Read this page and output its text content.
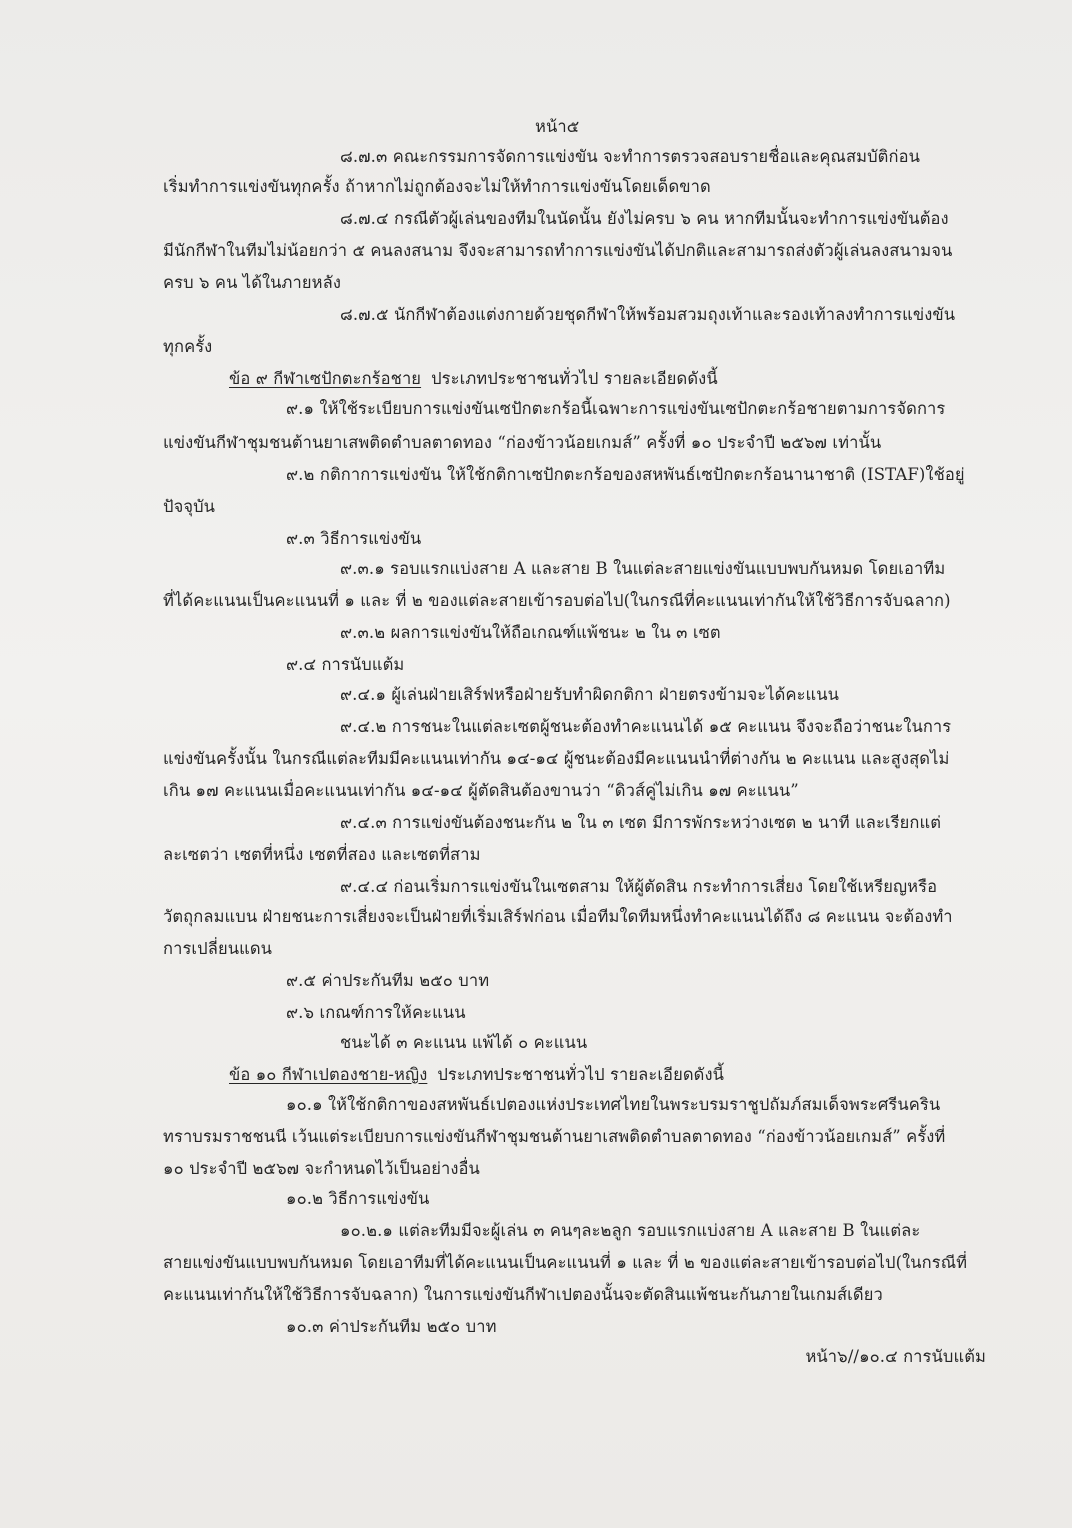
หน้า๕
๘.๗.๓ คณะกรรมการจัดการแข่งขัน จะทำการตรวจสอบรายชื่อและคุณสมบัติก่อน
เริ่มทำการแข่งขันทุกครั้ง ถ้าหากไม่ถูกต้องจะไม่ให้ทำการแข่งขันโดยเด็ดขาด
๘.๗.๔ กรณีตัวผู้เล่นของทีมในนัดนั้น ยังไม่ครบ ๖ คน หากทีมนั้นจะทำการแข่งขันต้อง
มีนักกีฬาในทีมไม่น้อยกว่า ๕ คนลงสนาม จึงจะสามารถทำการแข่งขันได้ปกติและสามารถส่งตัวผู้เล่นลงสนามจน
ครบ ๖ คน ได้ในภายหลัง
๘.๗.๕ นักกีฬาต้องแต่งกายด้วยชุดกีฬาให้พร้อมสวมถุงเท้าและรองเท้าลงทำการแข่งขัน
ทุกครั้ง
ข้อ ๙ กีฬาเซปักตะกร้อชาย ประเภทประชาชนทั่วไป รายละเอียดดังนี้
๙.๑ ให้ใช้ระเบียบการแข่งขันเซปักตะกร้อนี้เฉพาะการแข่งขันเซปักตะกร้อชายตามการจัดการ
แข่งขันกีฬาชุมชนต้านยาเสพติดตำบลตาดทอง “ก่องข้าวน้อยเกมส์” ครั้งที่ ๑๐ ประจำปี ๒๕๖๗ เท่านั้น
๙.๒ กติกาการแข่งขัน ให้ใช้กติกาเซปักตะกร้อของสหพันธ์เซปักตะกร้อนานาชาติ (ISTAF)ใช้อยู่
ปัจจุบัน
๙.๓ วิธีการแข่งขัน
๙.๓.๑ รอบแรกแบ่งสาย A และสาย B ในแต่ละสายแข่งขันแบบพบกันหมด โดยเอาทีม
ที่ได้คะแนนเป็นคะแนนที่ ๑ และ ที่ ๒ ของแต่ละสายเข้ารอบต่อไป(ในกรณีที่คะแนนเท่ากันให้ใช้วิธีการจับฉลาก)
๙.๓.๒ ผลการแข่งขันให้ถือเกณฑ์แพ้ชนะ ๒ ใน ๓ เซต
๙.๔ การนับแต้ม
๙.๔.๑ ผู้เล่นฝ่ายเสิร์ฟหรือฝ่ายรับทำผิดกติกา ฝ่ายตรงข้ามจะได้คะแนน
๙.๔.๒ การชนะในแต่ละเซตผู้ชนะต้องทำคะแนนได้ ๑๕ คะแนน จึงจะถือว่าชนะในการ
แข่งขันครั้งนั้น ในกรณีแต่ละทีมมีคะแนนเท่ากัน ๑๔-๑๔ ผู้ชนะต้องมีคะแนนนำที่ต่างกัน ๒ คะแนน และสูงสุดไม่
เกิน ๑๗ คะแนนเมื่อคะแนนเท่ากัน ๑๔-๑๔ ผู้ตัดสินต้องขานว่า “ดิวส์คู่ไม่เกิน ๑๗ คะแนน”
๙.๔.๓ การแข่งขันต้องชนะกัน ๒ ใน ๓ เซต มีการพักระหว่างเซต ๒ นาที และเรียกแต่
ละเซตว่า เซตที่หนึ่ง เซตที่สอง และเซตที่สาม
๙.๔.๔ ก่อนเริ่มการแข่งขันในเซตสาม ให้ผู้ตัดสิน กระทำการเสี่ยง โดยใช้เหรียญหรือ
วัตถุกลมแบน ฝ่ายชนะการเสี่ยงจะเป็นฝ่ายที่เริ่มเสิร์ฟก่อน เมื่อทีมใดทีมหนึ่งทำคะแนนได้ถึง ๘ คะแนน จะต้องทำ
การเปลี่ยนแดน
๙.๕ ค่าประกันทีม ๒๕๐ บาท
๙.๖ เกณฑ์การให้คะแนน
ชนะได้ ๓ คะแนน แพ้ได้ ๐ คะแนน
ข้อ ๑๐ กีฬาเปตองชาย-หญิง ประเภทประชาชนทั่วไป รายละเอียดดังนี้
๑๐.๑ ให้ใช้กติกาของสหพันธ์เปตองแห่งประเทศไทยในพระบรมราชูปถัมภ์สมเด็จพระศรีนคริน
ทราบรมราชชนนี เว้นแต่ระเบียบการแข่งขันกีฬาชุมชนต้านยาเสพติดตำบลตาดทอง “ก่องข้าวน้อยเกมส์” ครั้งที่
๑๐ ประจำปี ๒๕๖๗ จะกำหนดไว้เป็นอย่างอื่น
๑๐.๒ วิธีการแข่งขัน
๑๐.๒.๑ แต่ละทีมมีจะผู้เล่น ๓ คนๆละ๒ลูก รอบแรกแบ่งสาย A และสาย B ในแต่ละ
สายแข่งขันแบบพบกันหมด โดยเอาทีมที่ได้คะแนนเป็นคะแนนที่ ๑ และ ที่ ๒ ของแต่ละสายเข้ารอบต่อไป(ในกรณีที่
คะแนนเท่ากันให้ใช้วิธีการจับฉลาก) ในการแข่งขันกีฬาเปตองนั้นจะตัดสินแพ้ชนะกันภายในเกมส์เดียว
๑๐.๓ ค่าประกันทีม ๒๕๐ บาท
หน้า๖//๑๐.๔ การนับแต้ม
